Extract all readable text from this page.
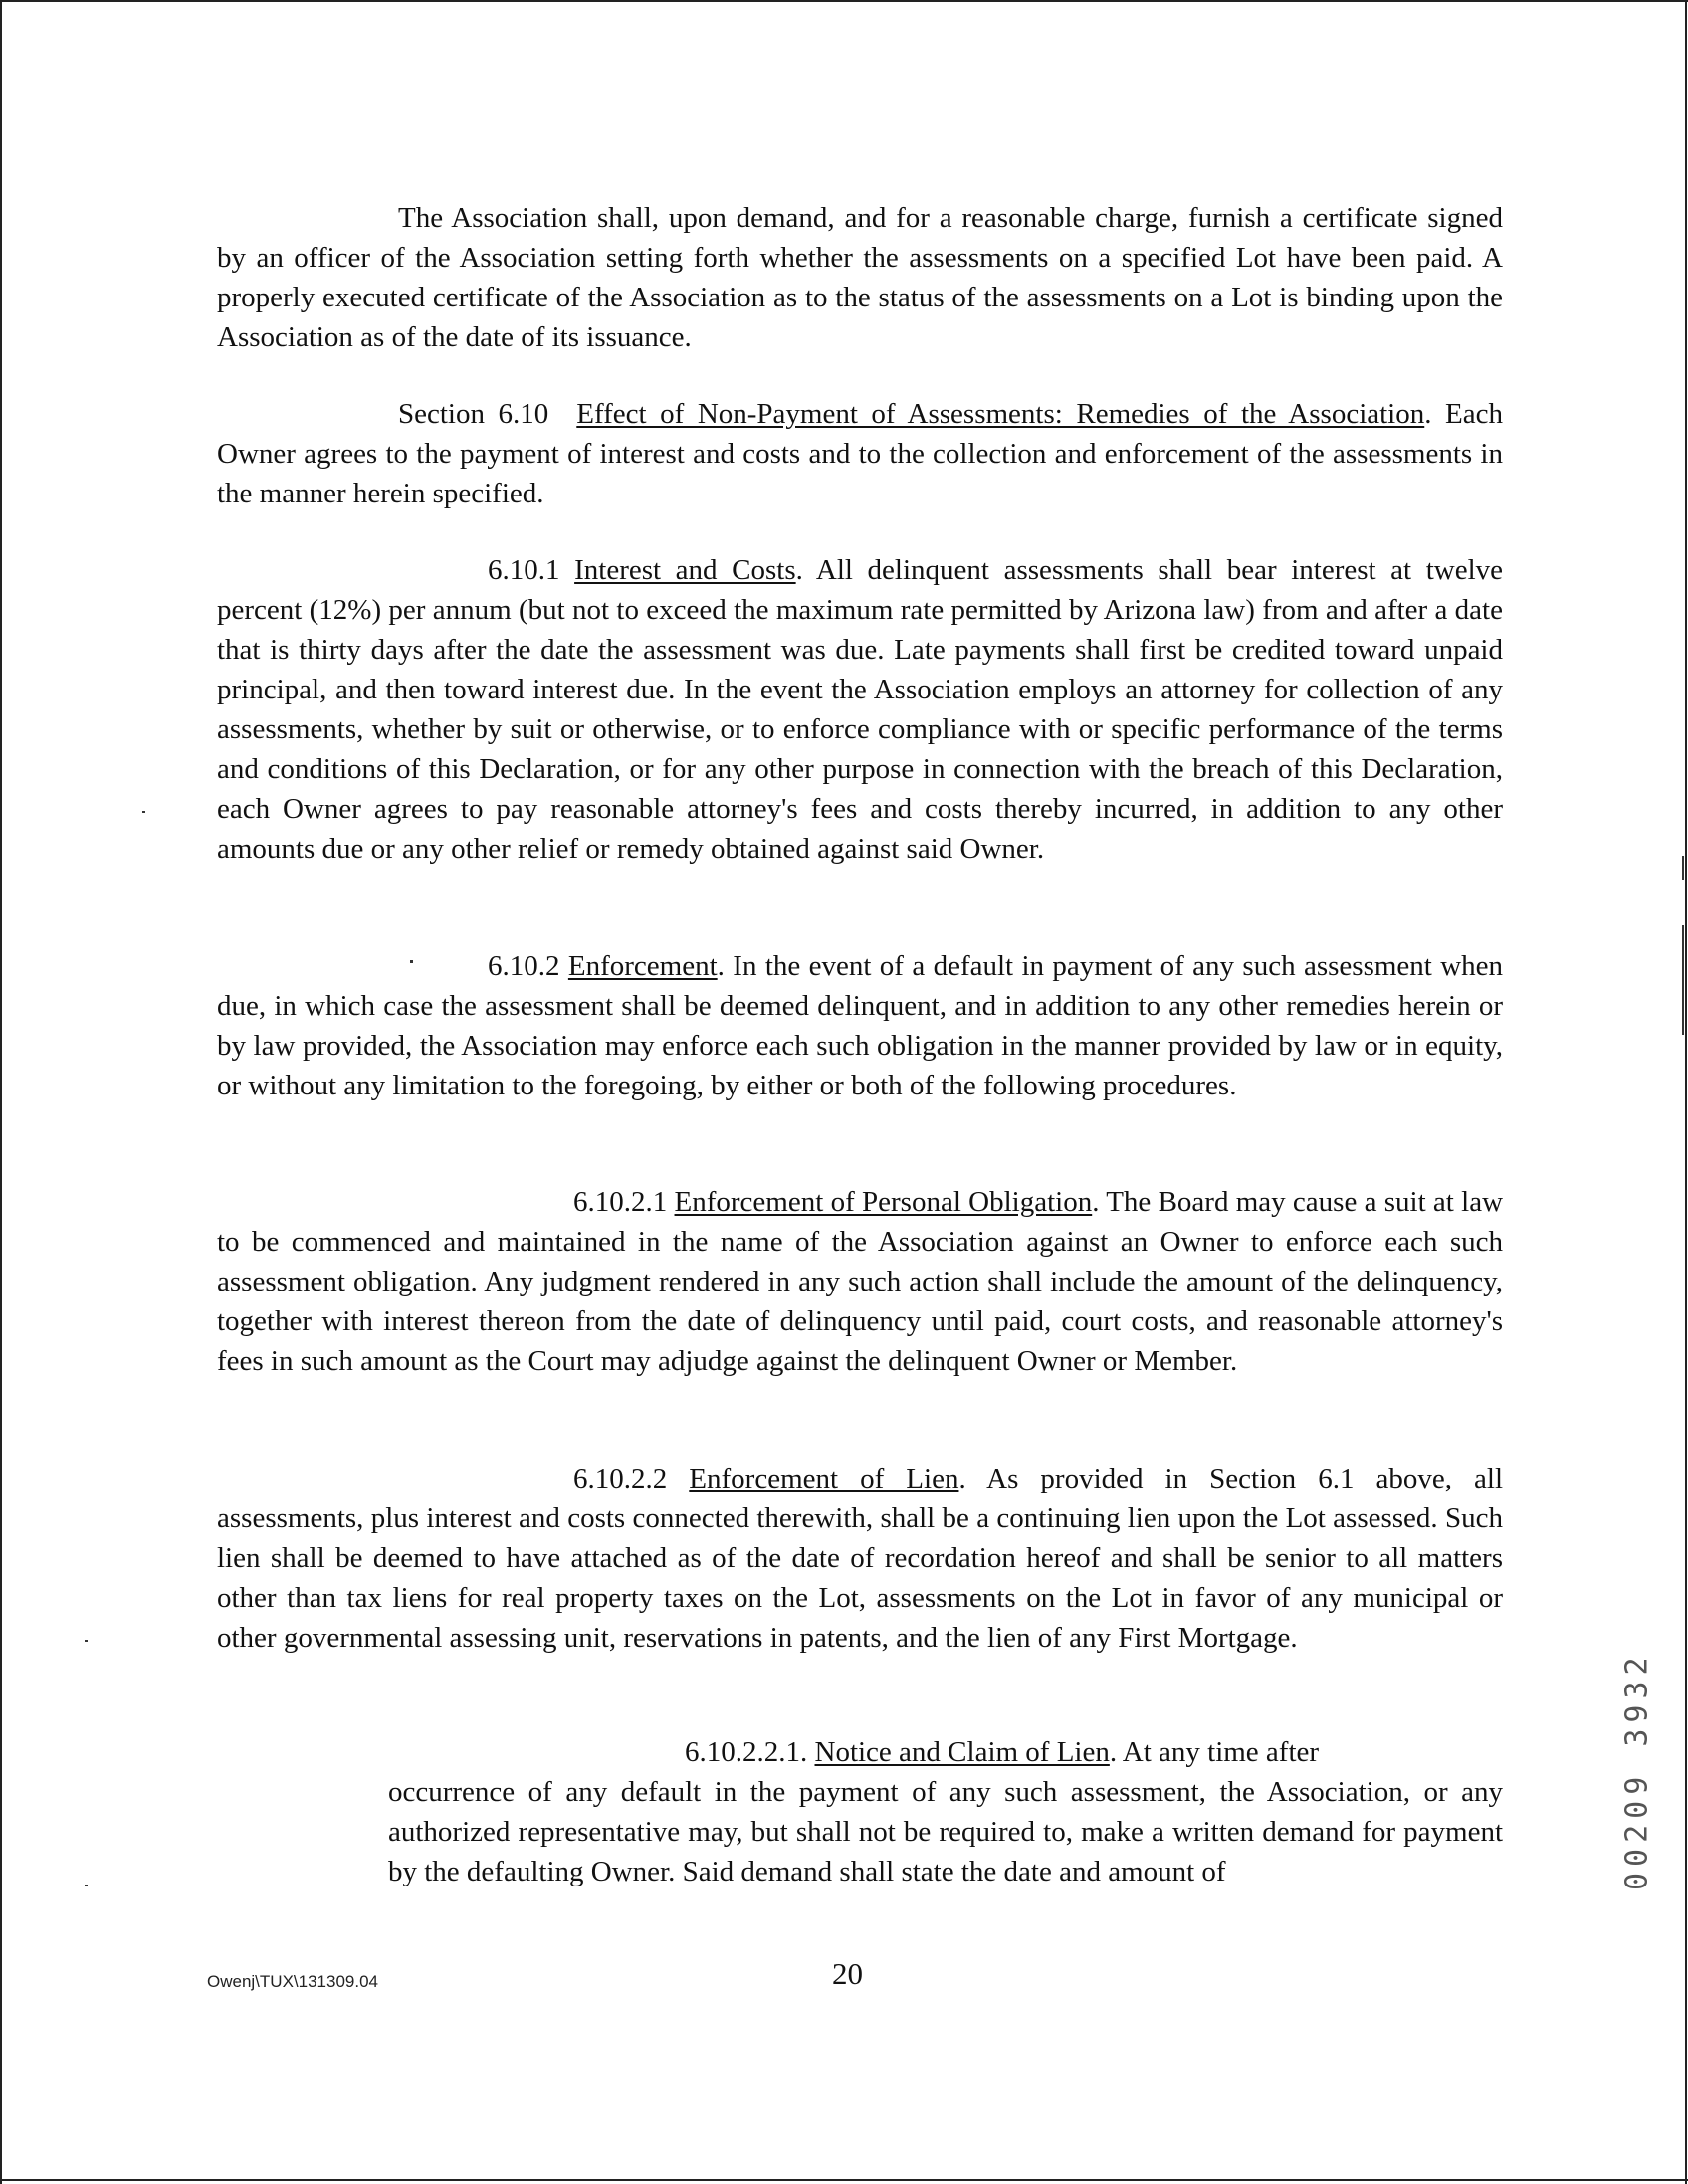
The Association shall, upon demand, and for a reasonable charge, furnish a certificate signed by an officer of the Association setting forth whether the assessments on a specified Lot have been paid. A properly executed certificate of the Association as to the status of the assessments on a Lot is binding upon the Association as of the date of its issuance.

Section 6.10 Effect of Non-Payment of Assessments: Remedies of the Association. Each Owner agrees to the payment of interest and costs and to the collection and enforcement of the assessments in the manner herein specified.

6.10.1 Interest and Costs. All delinquent assessments shall bear interest at twelve percent (12%) per annum (but not to exceed the maximum rate permitted by Arizona law) from and after a date that is thirty days after the date the assessment was due. Late payments shall first be credited toward unpaid principal, and then toward interest due. In the event the Association employs an attorney for collection of any assessments, whether by suit or otherwise, or to enforce compliance with or specific performance of the terms and conditions of this Declaration, or for any other purpose in connection with the breach of this Declaration, each Owner agrees to pay reasonable attorney's fees and costs thereby incurred, in addition to any other amounts due or any other relief or remedy obtained against said Owner.

6.10.2 Enforcement. In the event of a default in payment of any such assessment when due, in which case the assessment shall be deemed delinquent, and in addition to any other remedies herein or by law provided, the Association may enforce each such obligation in the manner provided by law or in equity, or without any limitation to the foregoing, by either or both of the following procedures.

6.10.2.1 Enforcement of Personal Obligation. The Board may cause a suit at law to be commenced and maintained in the name of the Association against an Owner to enforce each such assessment obligation. Any judgment rendered in any such action shall include the amount of the delinquency, together with interest thereon from the date of delinquency until paid, court costs, and reasonable attorney's fees in such amount as the Court may adjudge against the delinquent Owner or Member.

6.10.2.2 Enforcement of Lien. As provided in Section 6.1 above, all assessments, plus interest and costs connected therewith, shall be a continuing lien upon the Lot assessed. Such lien shall be deemed to have attached as of the date of recordation hereof and shall be senior to all matters other than tax liens for real property taxes on the Lot, assessments on the Lot in favor of any municipal or other governmental assessing unit, reservations in patents, and the lien of any First Mortgage.

6.10.2.2.1. Notice and Claim of Lien. At any time after
occurrence of any default in the payment of any such assessment, the Association, or any authorized representative may, but shall not be required to, make a written demand for payment by the defaulting Owner. Said demand shall state the date and amount of

Owenj\TUX\131309.04	20
00209 3932
